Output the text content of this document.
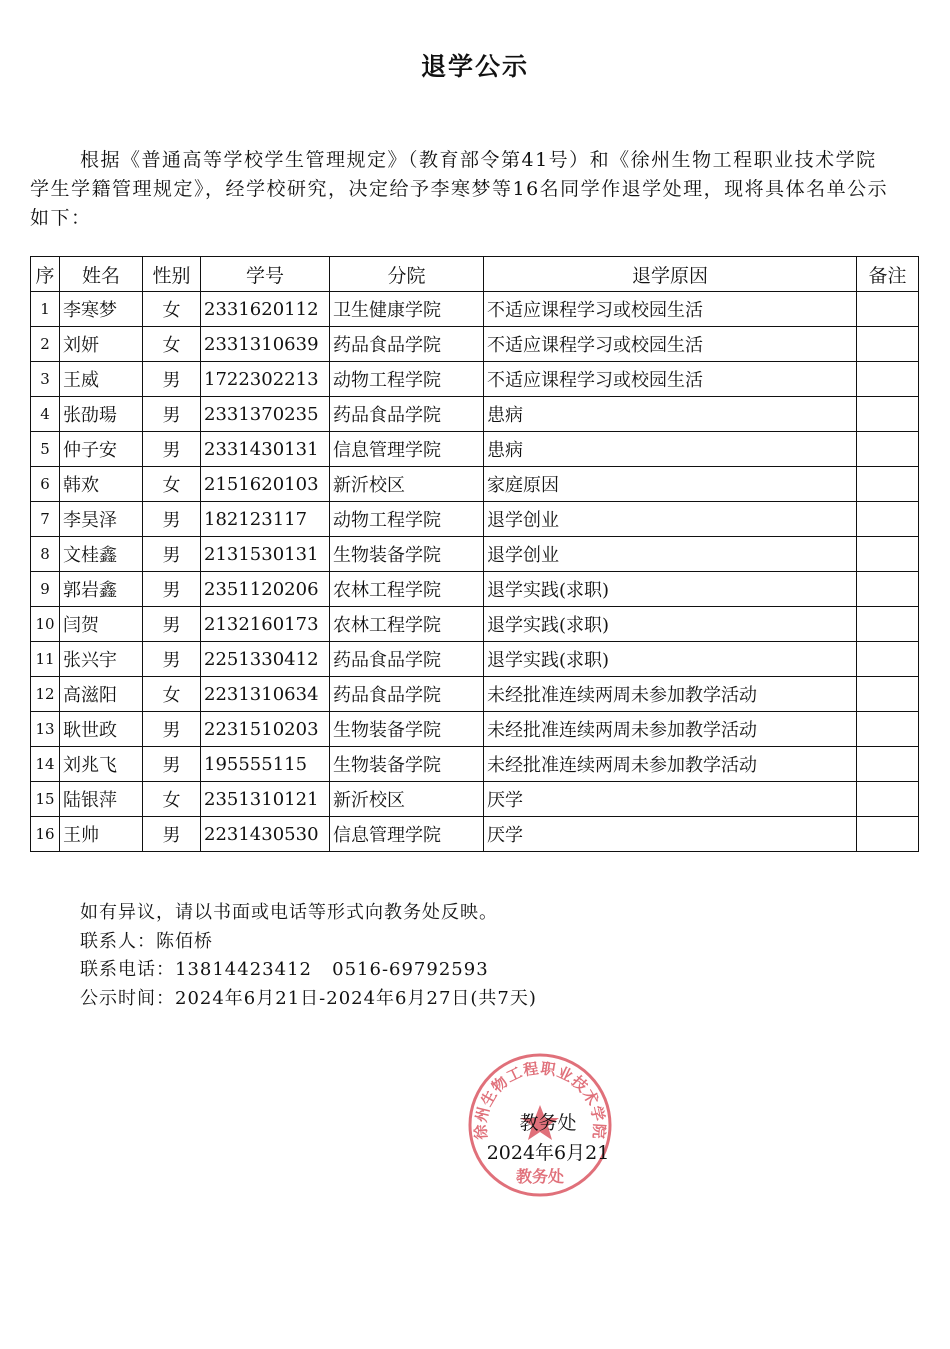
退学公示
根据《普通高等学校学生管理规定》（教育部令第41号）和《徐州生物工程职业技术学院学生学籍管理规定》，经学校研究，决定给予李寒梦等16名同学作退学处理，现将具体名单公示如下：
序	姓名	性别	学号	分院	退学原因	备注
1	李寒梦	女	2331620112	卫生健康学院	不适应课程学习或校园生活	
2	刘妍	女	2331310639	药品食品学院	不适应课程学习或校园生活	
3	王威	男	1722302213	动物工程学院	不适应课程学习或校园生活	
4	张劭瑒	男	2331370235	药品食品学院	患病	
5	仲子安	男	2331430131	信息管理学院	患病	
6	韩欢	女	2151620103	新沂校区	家庭原因	
7	李昊泽	男	182123117	动物工程学院	退学创业	
8	文桂鑫	男	2131530131	生物装备学院	退学创业	
9	郭岩鑫	男	2351120206	农林工程学院	退学实践(求职)	
10	闫贺	男	2132160173	农林工程学院	退学实践(求职)	
11	张兴宇	男	2251330412	药品食品学院	退学实践(求职)	
12	高滋阳	女	2231310634	药品食品学院	未经批准连续两周未参加教学活动	
13	耿世政	男	2231510203	生物装备学院	未经批准连续两周未参加教学活动	
14	刘兆飞	男	195555115	生物装备学院	未经批准连续两周未参加教学活动	
15	陆银萍	女	2351310121	新沂校区	厌学	
16	王帅	男	2231430530	信息管理学院	厌学	
如有异议，请以书面或电话等形式向教务处反映。
联系人：陈佰桥
联系电话：13814423412   0516-69792593
公示时间：2024年6月21日-2024年6月27日(共7天)
徐州生物工程职业技术学院
教务处
教务处
2024年6月21
